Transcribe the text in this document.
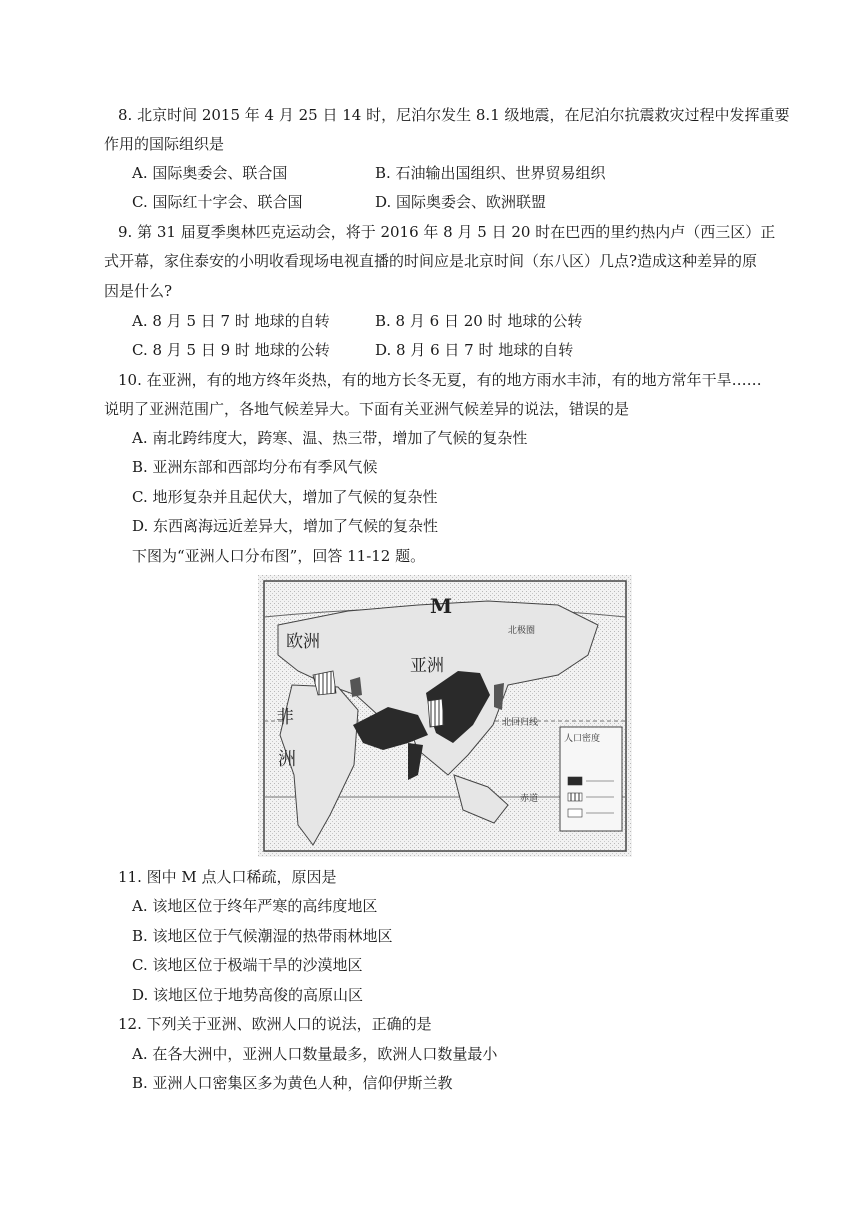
8. 北京时间 2015 年 4 月 25 日 14 时，尼泊尔发生 8.1 级地震，在尼泊尔抗震救灾过程中发挥重要
作用的国际组织是
A. 国际奥委会、联合国	B. 石油输出国组织、世界贸易组织
C. 国际红十字会、联合国	D. 国际奥委会、欧洲联盟
9. 第 31 届夏季奥林匹克运动会，将于 2016 年 8 月 5 日 20 时在巴西的里约热内卢（西三区）正
式开幕，家住泰安的小明收看现场电视直播的时间应是北京时间（东八区）几点?造成这种差异的原
因是什么?
A. 8 月 5 日 7 时 地球的自转	B. 8 月 6 日 20 时 地球的公转
C. 8 月 5 日 9 时 地球的公转	D. 8 月 6 日 7 时 地球的自转
10. 在亚洲，有的地方终年炎热，有的地方长冬无夏，有的地方雨水丰沛，有的地方常年干旱……
说明了亚洲范围广，各地气候差异大。下面有关亚洲气候差异的说法，错误的是
A. 南北跨纬度大，跨寒、温、热三带，增加了气候的复杂性
B. 亚洲东部和西部均分布有季风气候
C. 地形复杂并且起伏大，增加了气候的复杂性
D. 东西离海远近差异大，增加了气候的复杂性
下图为“亚洲人口分布图”，回答 11-12 题。
M
欧洲
亚洲
非
洲
北极圈
北回归线
赤道
人口密度
11. 图中 M 点人口稀疏，原因是
A. 该地区位于终年严寒的高纬度地区
B. 该地区位于气候潮湿的热带雨林地区
C. 该地区位于极端干旱的沙漠地区
D. 该地区位于地势高俊的高原山区
12. 下列关于亚洲、欧洲人口的说法，正确的是
A. 在各大洲中，亚洲人口数量最多，欧洲人口数量最小
B. 亚洲人口密集区多为黄色人种，信仰伊斯兰教
